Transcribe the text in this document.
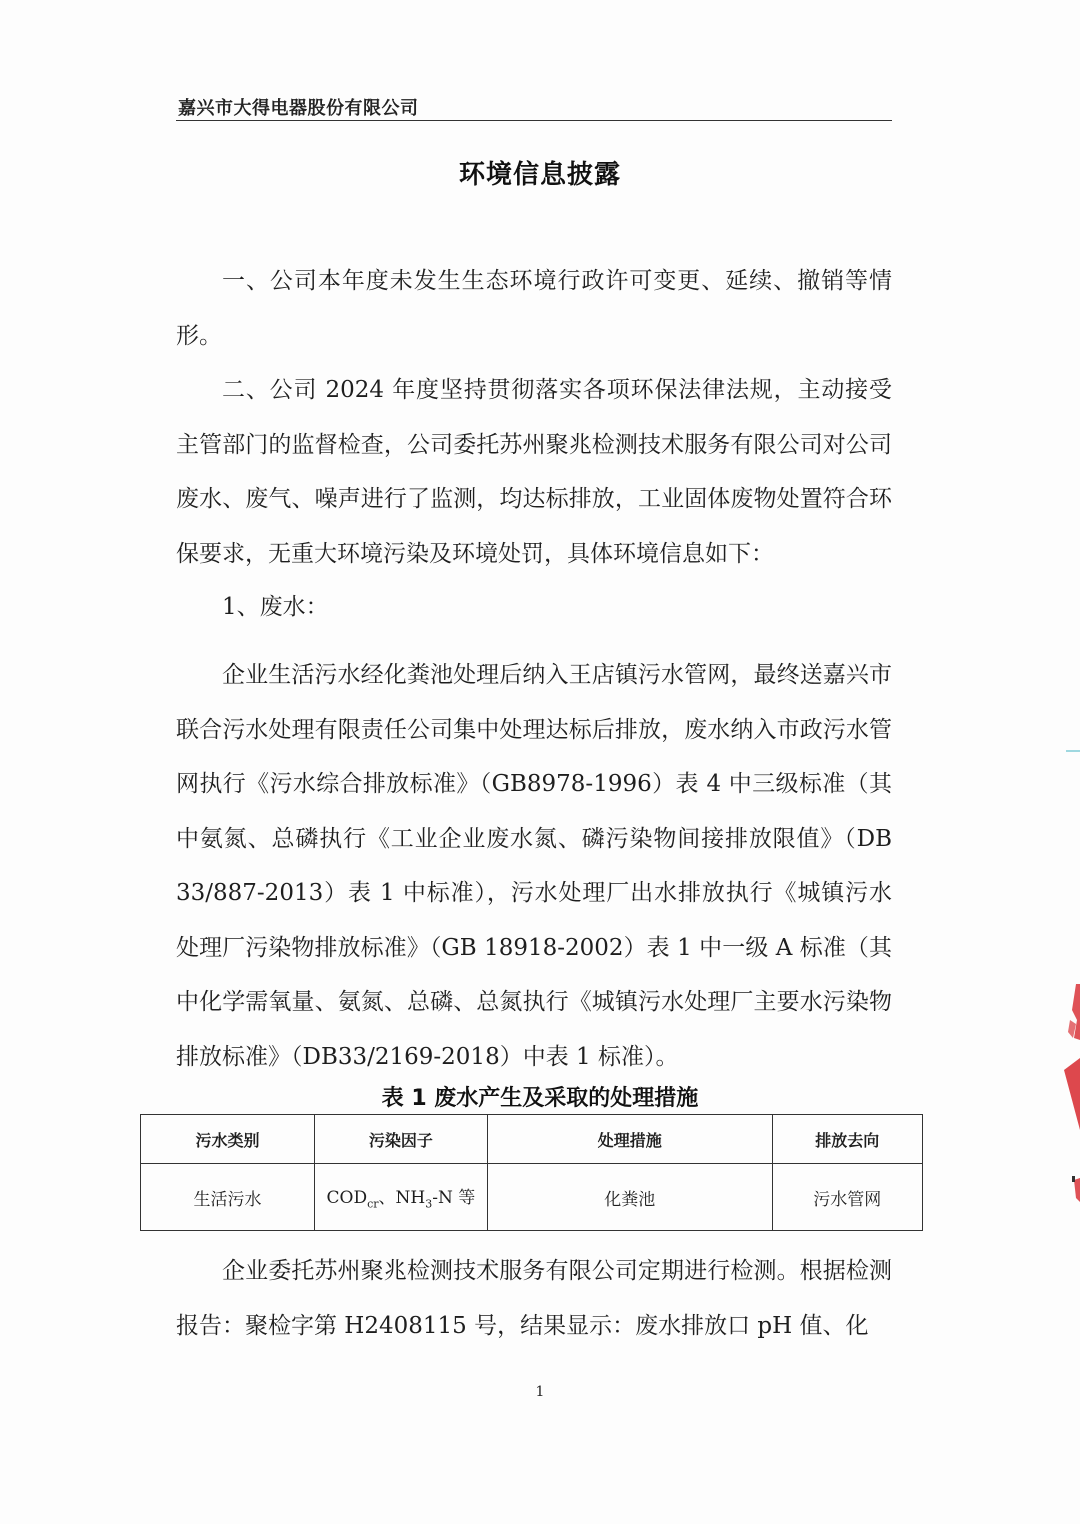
嘉兴市大得电器股份有限公司
环境信息披露

一、公司本年度未发生生态环境行政许可变更、延续、撤销等情形。

二、公司 2024 年度坚持贯彻落实各项环保法律法规，主动接受主管部门的监督检查，公司委托苏州聚兆检测技术服务有限公司对公司废水、废气、噪声进行了监测，均达标排放，工业固体废物处置符合环保要求，无重大环境污染及环境处罚，具体环境信息如下：

1、废水：

企业生活污水经化粪池处理后纳入王店镇污水管网，最终送嘉兴市联合污水处理有限责任公司集中处理达标后排放，废水纳入市政污水管网执行《污水综合排放标准》（GB8978-1996）表 4 中三级标准（其中氨氮、总磷执行《工业企业废水氮、磷污染物间接排放限值》（DB 33/887-2013）表 1 中标准），污水处理厂出水排放执行《城镇污水处理厂污染物排放标准》（GB 18918-2002）表 1 中一级 A 标准（其中化学需氧量、氨氮、总磷、总氮执行《城镇污水处理厂主要水污染物排放标准》（DB33/2169-2018）中表 1 标准）。

表 1 废水产生及采取的处理措施
污水类别	污染因子	处理措施	排放去向
生活污水	$COD_{cr}$、$NH_3-N$ 等	化粪池	污水管网

企业委托苏州聚兆检测技术服务有限公司定期进行检测。根据检测报告：聚检字第 H2408115 号，结果显示：废水排放口 pH 值、化

1
